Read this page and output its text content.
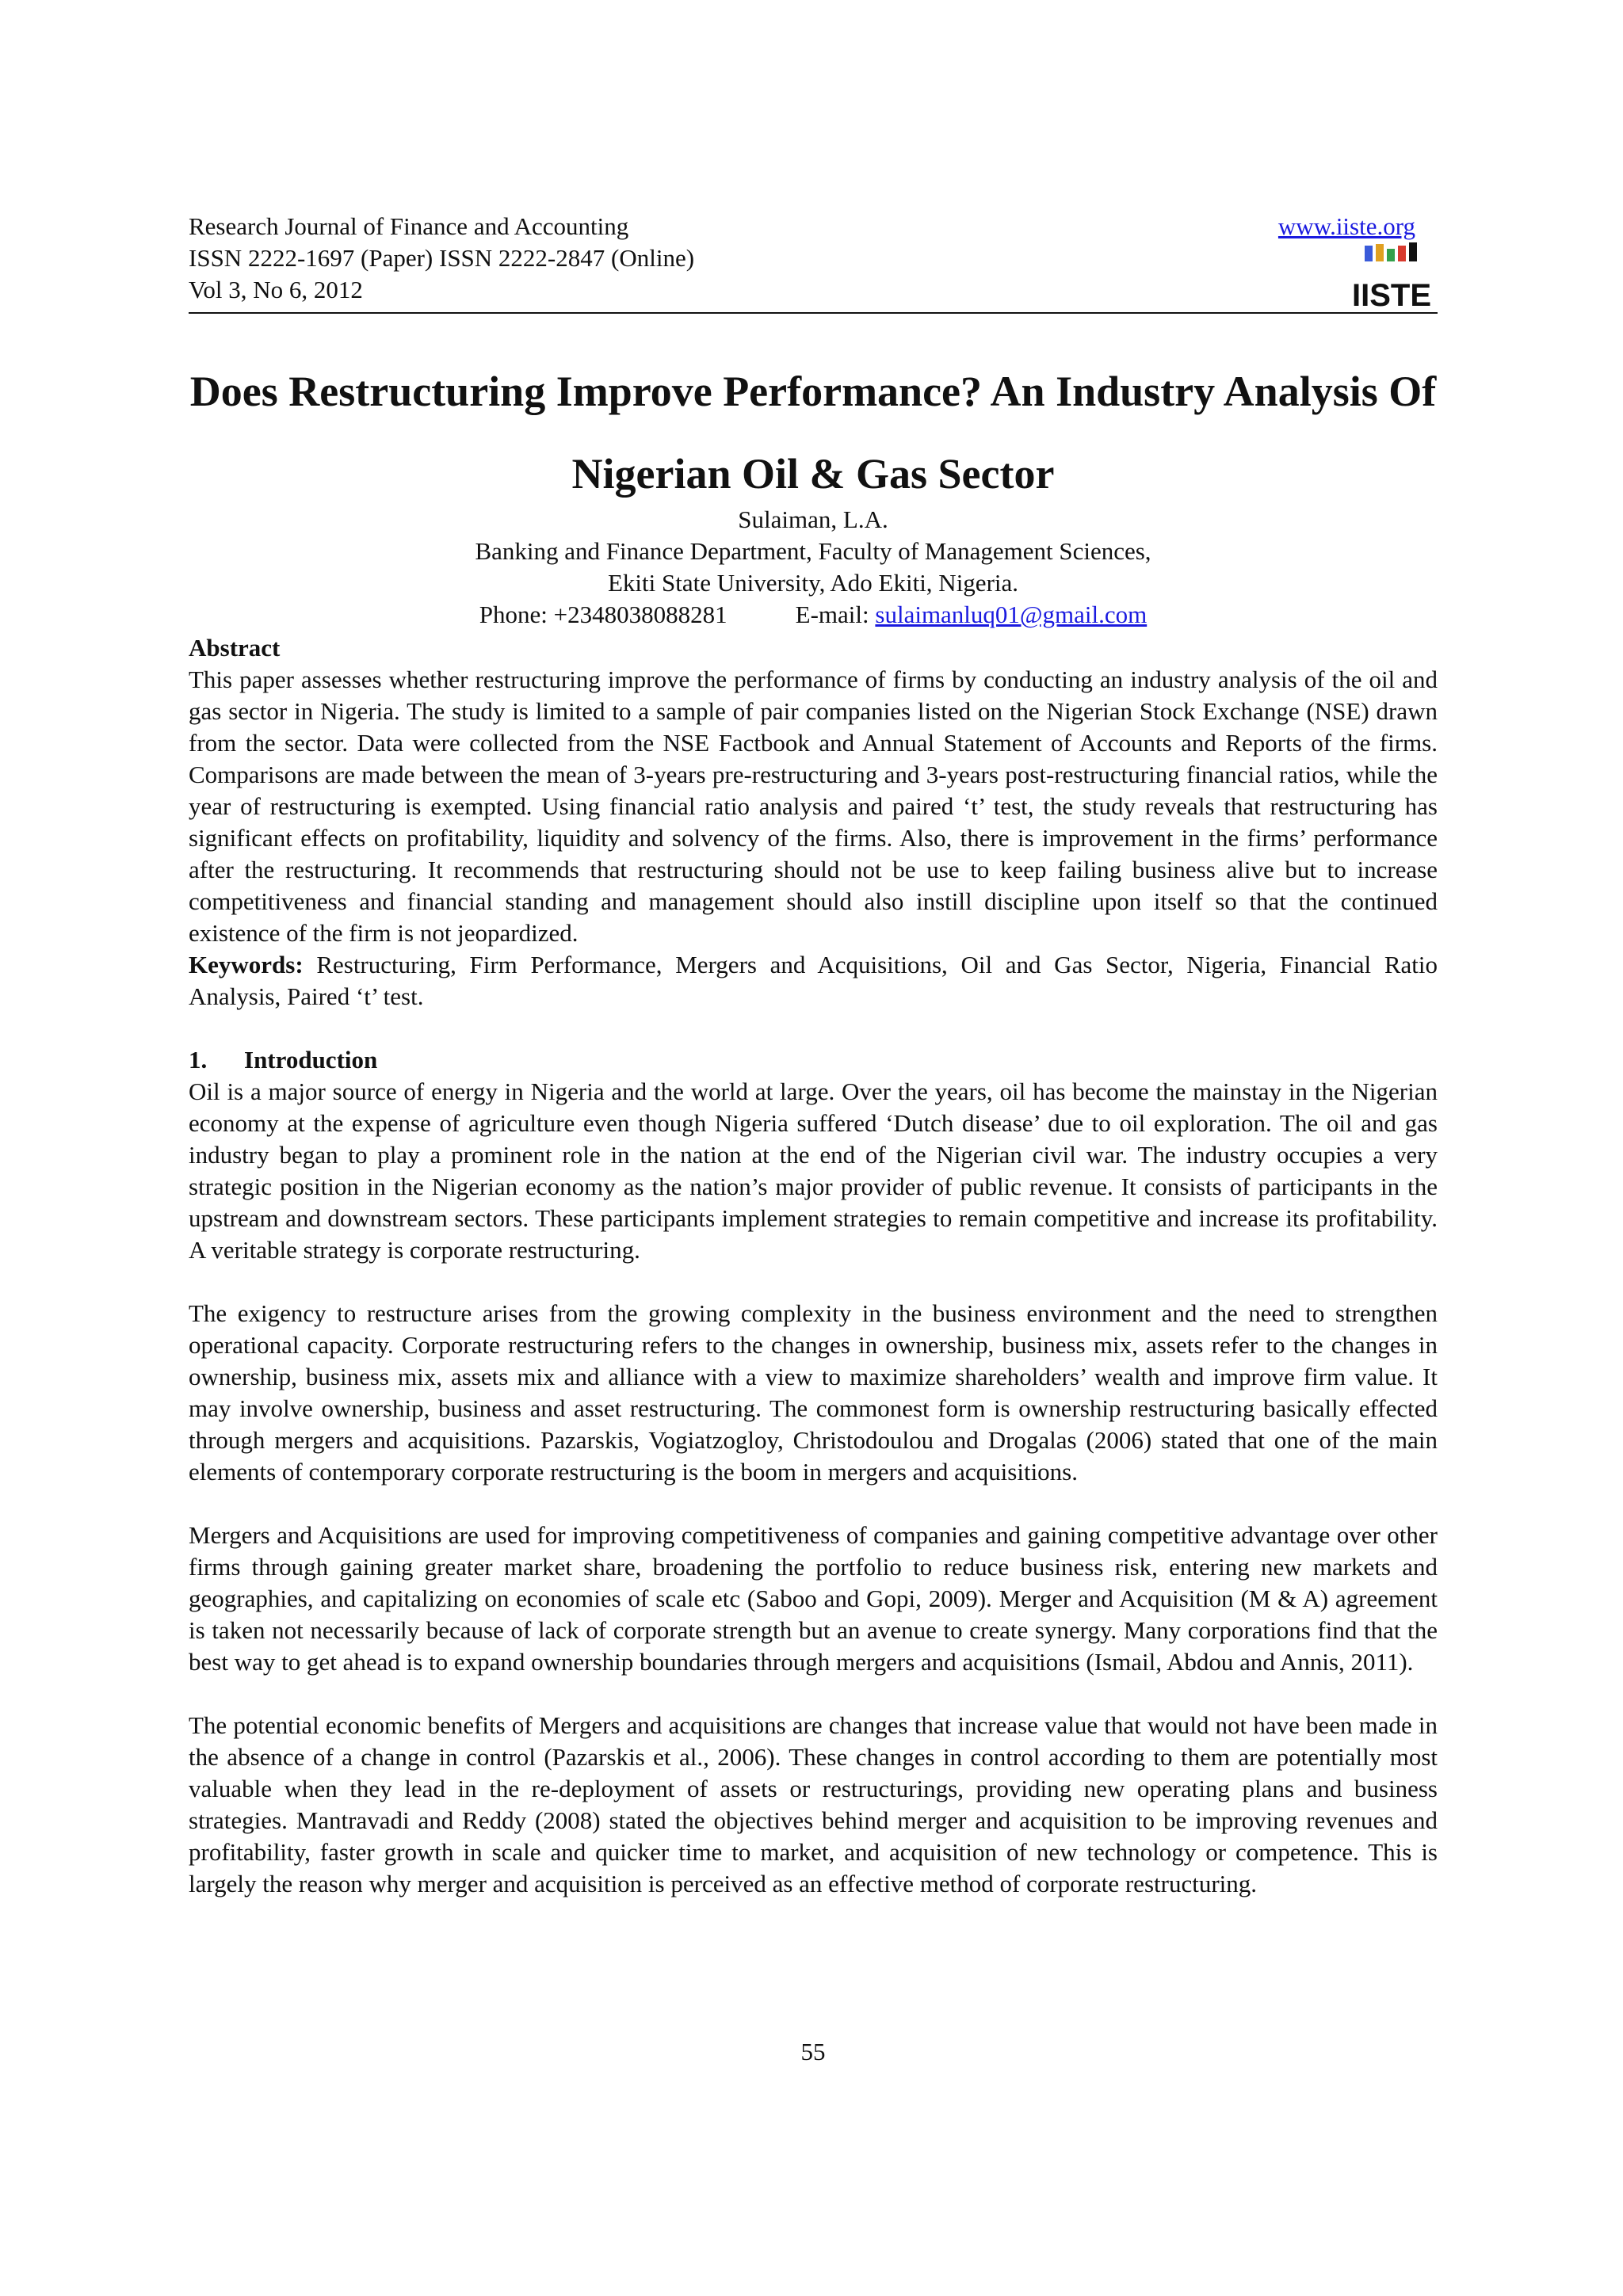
Research Journal of Finance and Accounting
ISSN 2222-1697 (Paper) ISSN 2222-2847 (Online)
Vol 3, No 6, 2012
www.iiste.org
IISTE
Does Restructuring Improve Performance? An Industry Analysis Of
Nigerian Oil & Gas Sector
Sulaiman, L.A.
Banking and Finance Department, Faculty of Management Sciences,
Ekiti State University, Ado Ekiti, Nigeria.
Phone: +2348038088281	E-mail: sulaimanluq01@gmail.com

Abstract

This paper assesses whether restructuring improve the performance of firms by conducting an industry analysis of the oil and gas sector in Nigeria. The study is limited to a sample of pair companies listed on the Nigerian Stock Exchange (NSE) drawn from the sector. Data were collected from the NSE Factbook and Annual Statement of Accounts and Reports of the firms. Comparisons are made between the mean of 3-years pre-restructuring and 3-years post-restructuring financial ratios, while the year of restructuring is exempted. Using financial ratio analysis and paired ‘t’ test, the study reveals that restructuring has significant effects on profitability, liquidity and solvency of the firms. Also, there is improvement in the firms’ performance after the restructuring. It recommends that restructuring should not be use to keep failing business alive but to increase competitiveness and financial standing and management should also instill discipline upon itself so that the continued existence of the firm is not jeopardized.

Keywords: Restructuring, Firm Performance, Mergers and Acquisitions, Oil and Gas Sector, Nigeria, Financial Ratio Analysis, Paired ‘t’ test.

1. Introduction

Oil is a major source of energy in Nigeria and the world at large. Over the years, oil has become the mainstay in the Nigerian economy at the expense of agriculture even though Nigeria suffered ‘Dutch disease’ due to oil exploration. The oil and gas industry began to play a prominent role in the nation at the end of the Nigerian civil war. The industry occupies a very strategic position in the Nigerian economy as the nation’s major provider of public revenue. It consists of participants in the upstream and downstream sectors. These participants implement strategies to remain competitive and increase its profitability. A veritable strategy is corporate restructuring.

The exigency to restructure arises from the growing complexity in the business environment and the need to strengthen operational capacity. Corporate restructuring refers to the changes in ownership, business mix, assets refer to the changes in ownership, business mix, assets mix and alliance with a view to maximize shareholders’ wealth and improve firm value. It may involve ownership, business and asset restructuring. The commonest form is ownership restructuring basically effected through mergers and acquisitions. Pazarskis, Vogiatzogloy, Christodoulou and Drogalas (2006) stated that one of the main elements of contemporary corporate restructuring is the boom in mergers and acquisitions.

Mergers and Acquisitions are used for improving competitiveness of companies and gaining competitive advantage over other firms through gaining greater market share, broadening the portfolio to reduce business risk, entering new markets and geographies, and capitalizing on economies of scale etc (Saboo and Gopi, 2009). Merger and Acquisition (M & A) agreement is taken not necessarily because of lack of corporate strength but an avenue to create synergy. Many corporations find that the best way to get ahead is to expand ownership boundaries through mergers and acquisitions (Ismail, Abdou and Annis, 2011).

The potential economic benefits of Mergers and acquisitions are changes that increase value that would not have been made in the absence of a change in control (Pazarskis et al., 2006). These changes in control according to them are potentially most valuable when they lead in the re-deployment of assets or restructurings, providing new operating plans and business strategies. Mantravadi and Reddy (2008) stated the objectives behind merger and acquisition to be improving revenues and profitability, faster growth in scale and quicker time to market, and acquisition of new technology or competence. This is largely the reason why merger and acquisition is perceived as an effective method of corporate restructuring.

55
